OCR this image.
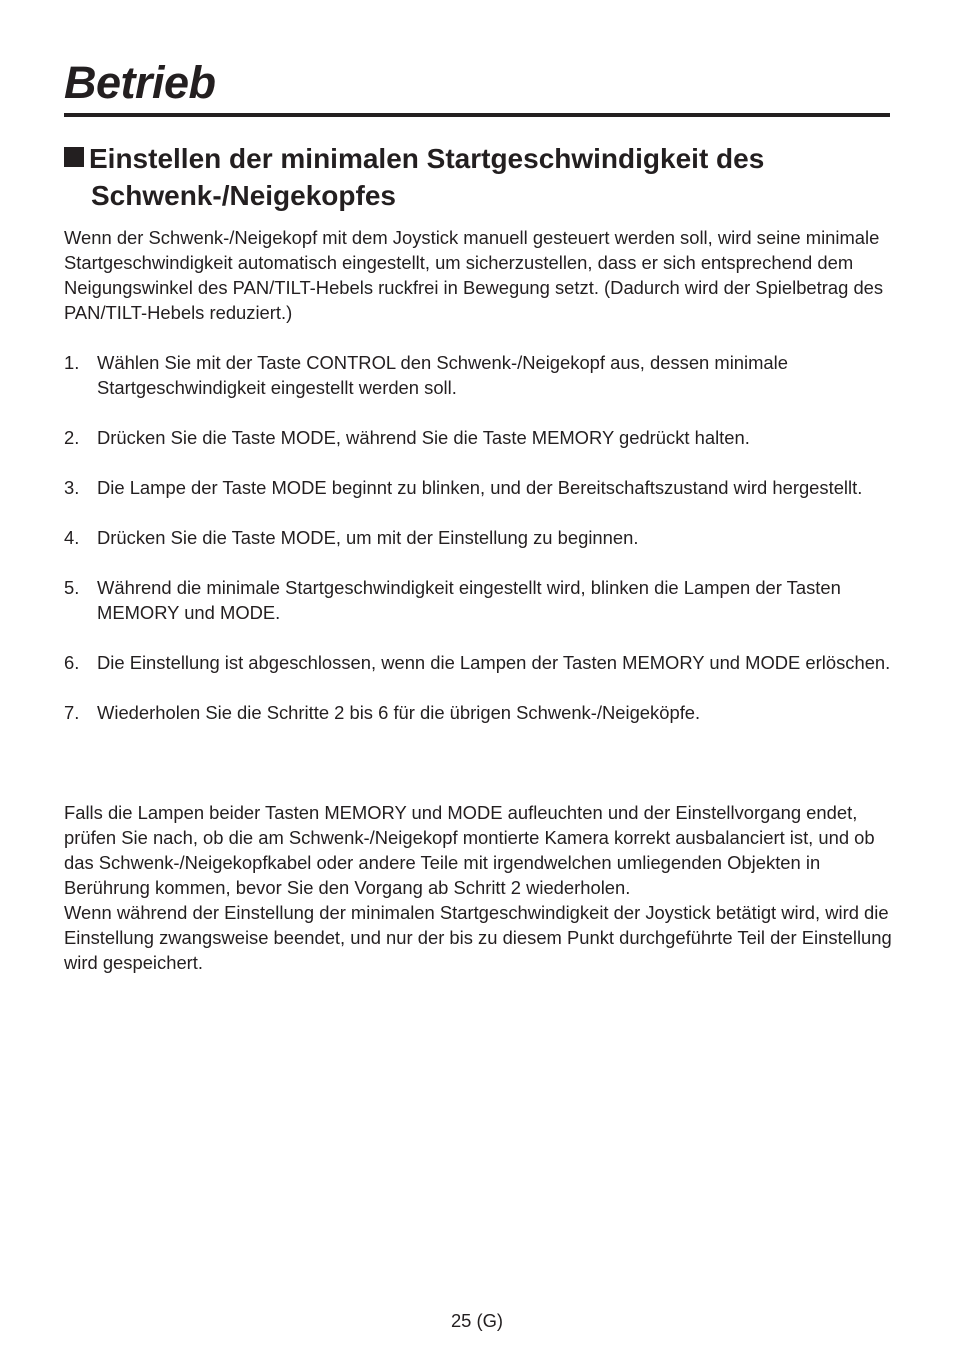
Betrieb
Einstellen der minimalen Startgeschwindigkeit des
Schwenk-/Neigekopfes

Wenn der Schwenk-/Neigekopf mit dem Joystick manuell gesteuert werden soll, wird seine minimale Startgeschwindigkeit automatisch eingestellt, um sicherzustellen, dass er sich entsprechend dem Neigungswinkel des PAN/TILT-Hebels ruckfrei in Bewegung setzt. (Dadurch wird der Spielbetrag des PAN/TILT-Hebels reduziert.)

1. Wählen Sie mit der Taste CONTROL den Schwenk-/Neigekopf aus, dessen minimale Startgeschwindigkeit eingestellt werden soll.
2. Drücken Sie die Taste MODE, während Sie die Taste MEMORY gedrückt halten.
3. Die Lampe der Taste MODE beginnt zu blinken, und der Bereitschaftszustand wird hergestellt.
4. Drücken Sie die Taste MODE, um mit der Einstellung zu beginnen.
5. Während die minimale Startgeschwindigkeit eingestellt wird, blinken die Lampen der Tasten MEMORY und MODE.
6. Die Einstellung ist abgeschlossen, wenn die Lampen der Tasten MEMORY und MODE erlöschen.
7. Wiederholen Sie die Schritte 2 bis 6 für die übrigen Schwenk-/Neigeköpfe.

Falls die Lampen beider Tasten MEMORY und MODE aufleuchten und der Einstellvorgang endet, prüfen Sie nach, ob die am Schwenk-/Neigekopf montierte Kamera korrekt ausbalanciert ist, und ob das Schwenk-/Neigekopfkabel oder andere Teile mit irgendwelchen umliegenden Objekten in Berührung kommen, bevor Sie den Vorgang ab Schritt 2 wiederholen.

Wenn während der Einstellung der minimalen Startgeschwindigkeit der Joystick betätigt wird, wird die Einstellung zwangsweise beendet, und nur der bis zu diesem Punkt durchgeführte Teil der Einstellung wird gespeichert.

25 (G)
